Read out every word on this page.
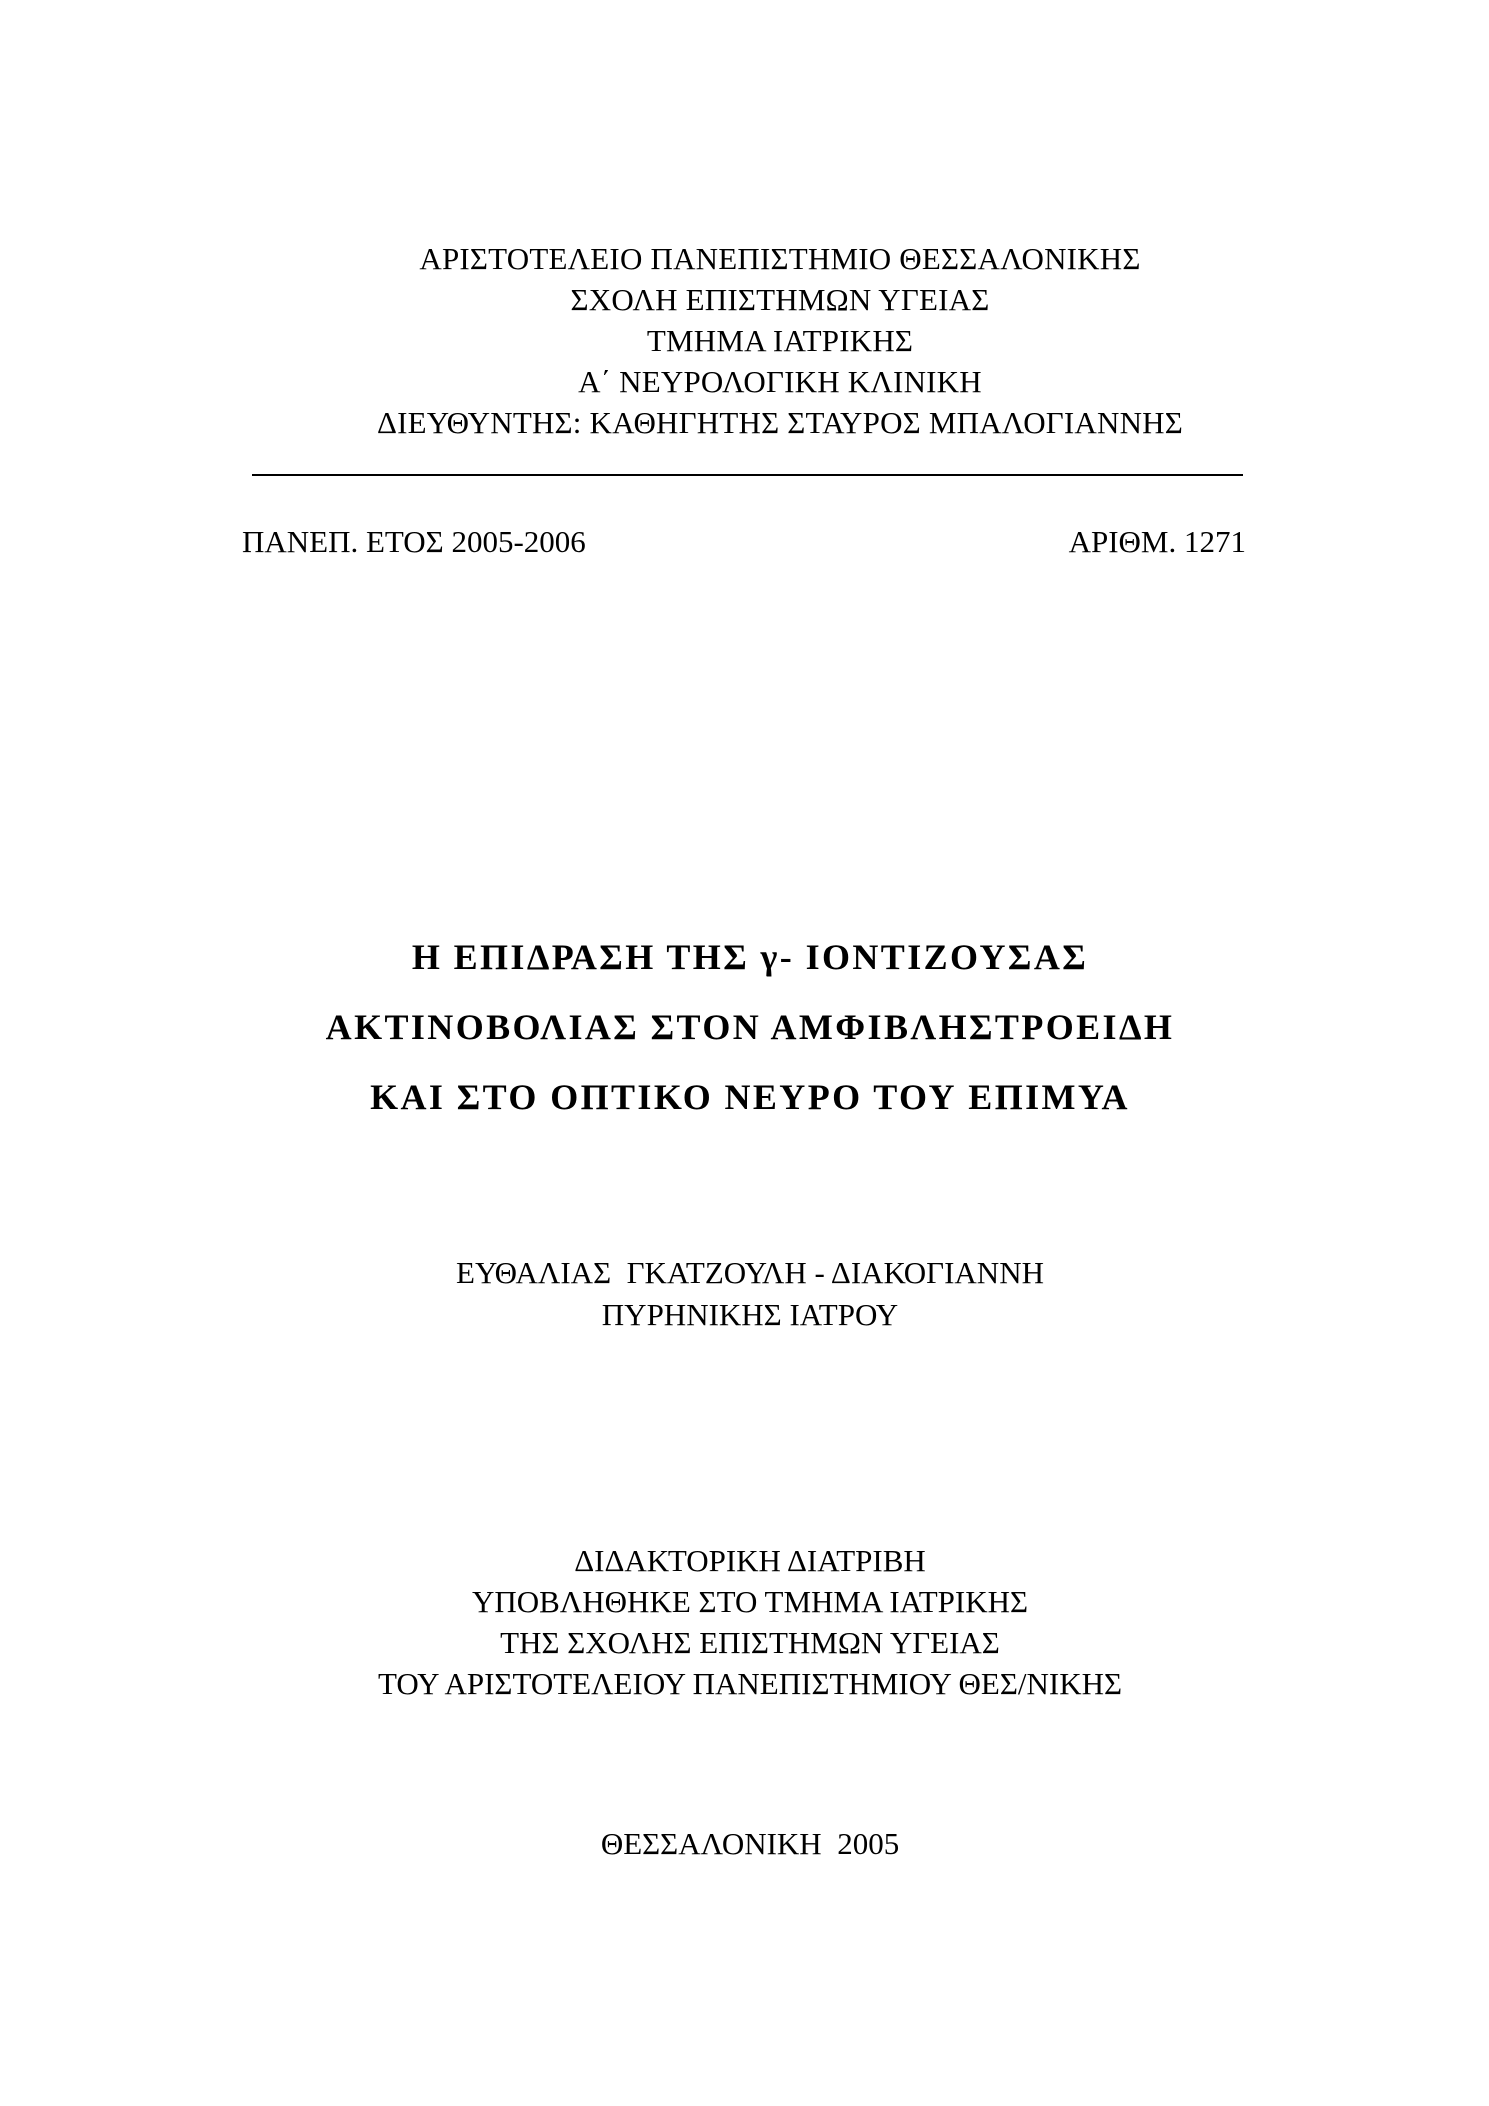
ΑΡΙΣΤΟΤΕΛΕΙΟ ΠΑΝΕΠΙΣΤΗΜΙΟ ΘΕΣΣΑΛΟΝΙΚΗΣ
ΣΧΟΛΗ ΕΠΙΣΤΗΜΩΝ ΥΓΕΙΑΣ
ΤΜΗΜΑ ΙΑΤΡΙΚΗΣ
Α΄ ΝΕΥΡΟΛΟΓΙΚΗ ΚΛΙΝΙΚΗ
ΔΙΕΥΘΥΝΤΗΣ: ΚΑΘΗΓΗΤΗΣ ΣΤΑΥΡΟΣ ΜΠΑΛΟΓΙΑΝΝΗΣ
ΠΑΝΕΠ. ΕΤΟΣ 2005-2006	ΑΡΙΘΜ. 1271
Η ΕΠΙΔΡΑΣΗ ΤΗΣ γ- ΙΟΝΤΙΖΟΥΣΑΣ
ΑΚΤΙΝΟΒΟΛΙΑΣ ΣΤΟΝ ΑΜΦΙΒΛΗΣΤΡΟΕΙΔΗ
ΚΑΙ ΣΤΟ ΟΠΤΙΚΟ ΝΕΥΡΟ ΤΟΥ ΕΠΙΜΥΑ
ΕΥΘΑΛΙΑΣ  ΓΚΑΤΖΟΥΛΗ - ΔΙΑΚΟΓΙΑΝΝΗ
ΠΥΡΗΝΙΚΗΣ ΙΑΤΡΟΥ
ΔΙΔΑΚΤΟΡΙΚΗ ΔΙΑΤΡΙΒΗ
ΥΠΟΒΛΗΘΗΚΕ ΣΤΟ ΤΜΗΜΑ ΙΑΤΡΙΚΗΣ
ΤΗΣ ΣΧΟΛΗΣ ΕΠΙΣΤΗΜΩΝ ΥΓΕΙΑΣ
ΤΟΥ ΑΡΙΣΤΟΤΕΛΕΙΟΥ ΠΑΝΕΠΙΣΤΗΜΙΟΥ ΘΕΣ/ΝΙΚΗΣ
ΘΕΣΣΑΛΟΝΙΚΗ  2005
